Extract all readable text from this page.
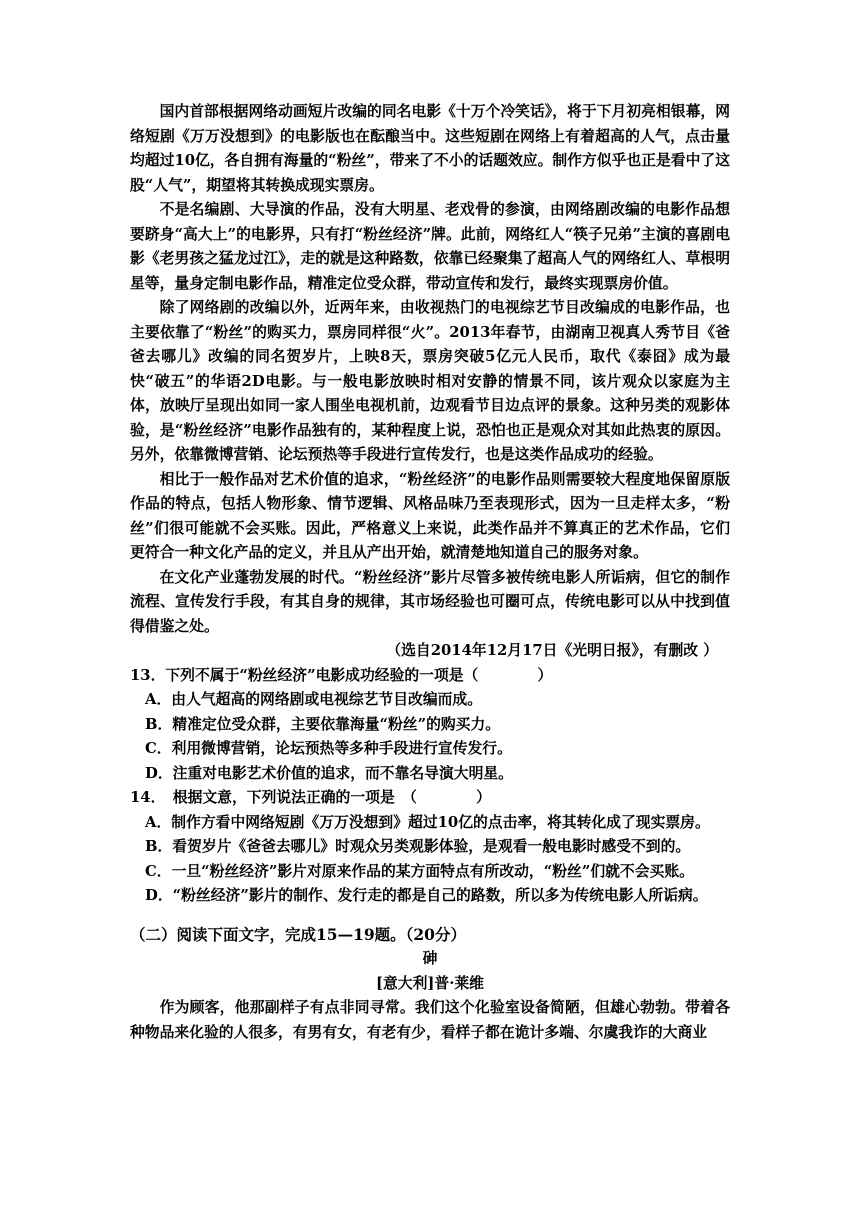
国内首部根据网络动画短片改编的同名电影《十万个冷笑话》，将于下月初亮相银幕，网络短剧《万万没想到》的电影版也在酝酿当中。这些短剧在网络上有着超高的人气，点击量均超过10亿，各自拥有海量的“粉丝”，带来了不小的话题效应。制作方似乎也正是看中了这股“人气”，期望将其转换成现实票房。

不是名编剧、大导演的作品，没有大明星、老戏骨的参演，由网络剧改编的电影作品想要跻身“高大上”的电影界，只有打“粉丝经济”牌。此前，网络红人“筷子兄弟”主演的喜剧电影《老男孩之猛龙过江》，走的就是这种路数，依靠已经聚集了超高人气的网络红人、草根明星等，量身定制电影作品，精准定位受众群，带动宣传和发行，最终实现票房价值。

除了网络剧的改编以外，近两年来，由收视热门的电视综艺节目改编成的电影作品，也主要依靠了“粉丝”的购买力，票房同样很“火”。2013年春节，由湖南卫视真人秀节目《爸爸去哪儿》改编的同名贺岁片，上映8天，票房突破5亿元人民币，取代《泰囧》成为最快“破五”的华语2D电影。与一般电影放映时相对安静的情景不同，该片观众以家庭为主体，放映厅呈现出如同一家人围坐电视机前，边观看节目边点评的景象。这种另类的观影体验，是“粉丝经济”电影作品独有的，某种程度上说，恐怕也正是观众对其如此热衷的原因。另外，依靠微博营销、论坛预热等手段进行宣传发行，也是这类作品成功的经验。

相比于一般作品对艺术价值的追求，“粉丝经济”的电影作品则需要较大程度地保留原版作品的特点，包括人物形象、情节逻辑、风格品味乃至表现形式，因为一旦走样太多，“粉丝”们很可能就不会买账。因此，严格意义上来说，此类作品并不算真正的艺术作品，它们更符合一种文化产品的定义，并且从产出开始，就清楚地知道自己的服务对象。

在文化产业蓬勃发展的时代。“粉丝经济”影片尽管多被传统电影人所诟病，但它的制作流程、宣传发行手段，有其自身的规律，其市场经验也可圈可点，传统电影可以从中找到值得借鉴之处。

（选自2014年12月17日《光明日报》，有删改 ）

13．下列不属于“粉丝经济”电影成功经验的一项是（　　　　）

A．由人气超高的网络剧或电视综艺节目改编而成。

B．精准定位受众群，主要依靠海量“粉丝”的购买力。

C．利用微博营销，论坛预热等多种手段进行宣传发行。

D．注重对电影艺术价值的追求，而不靠名导演大明星。

14．　根据文意，下列说法正确的一项是　（　　　　）

A．制作方看中网络短剧《万万没想到》超过10亿的点击率，将其转化成了现实票房。

B．看贺岁片《爸爸去哪儿》时观众另类观影体验，是观看一般电影时感受不到的。

C．一旦“粉丝经济”影片对原来作品的某方面特点有所改动，“粉丝”们就不会买账。

D．“粉丝经济”影片的制作、发行走的都是自己的路数，所以多为传统电影人所诟病。

（二）阅读下面文字，完成15—19题。（20分）

砷

[意大利]普·莱维

作为顾客，他那副样子有点非同寻常。我们这个化验室设备简陋，但雄心勃勃。带着各种物品来化验的人很多，有男有女，有老有少，看样子都在诡计多端、尔虞我诈的大商业
